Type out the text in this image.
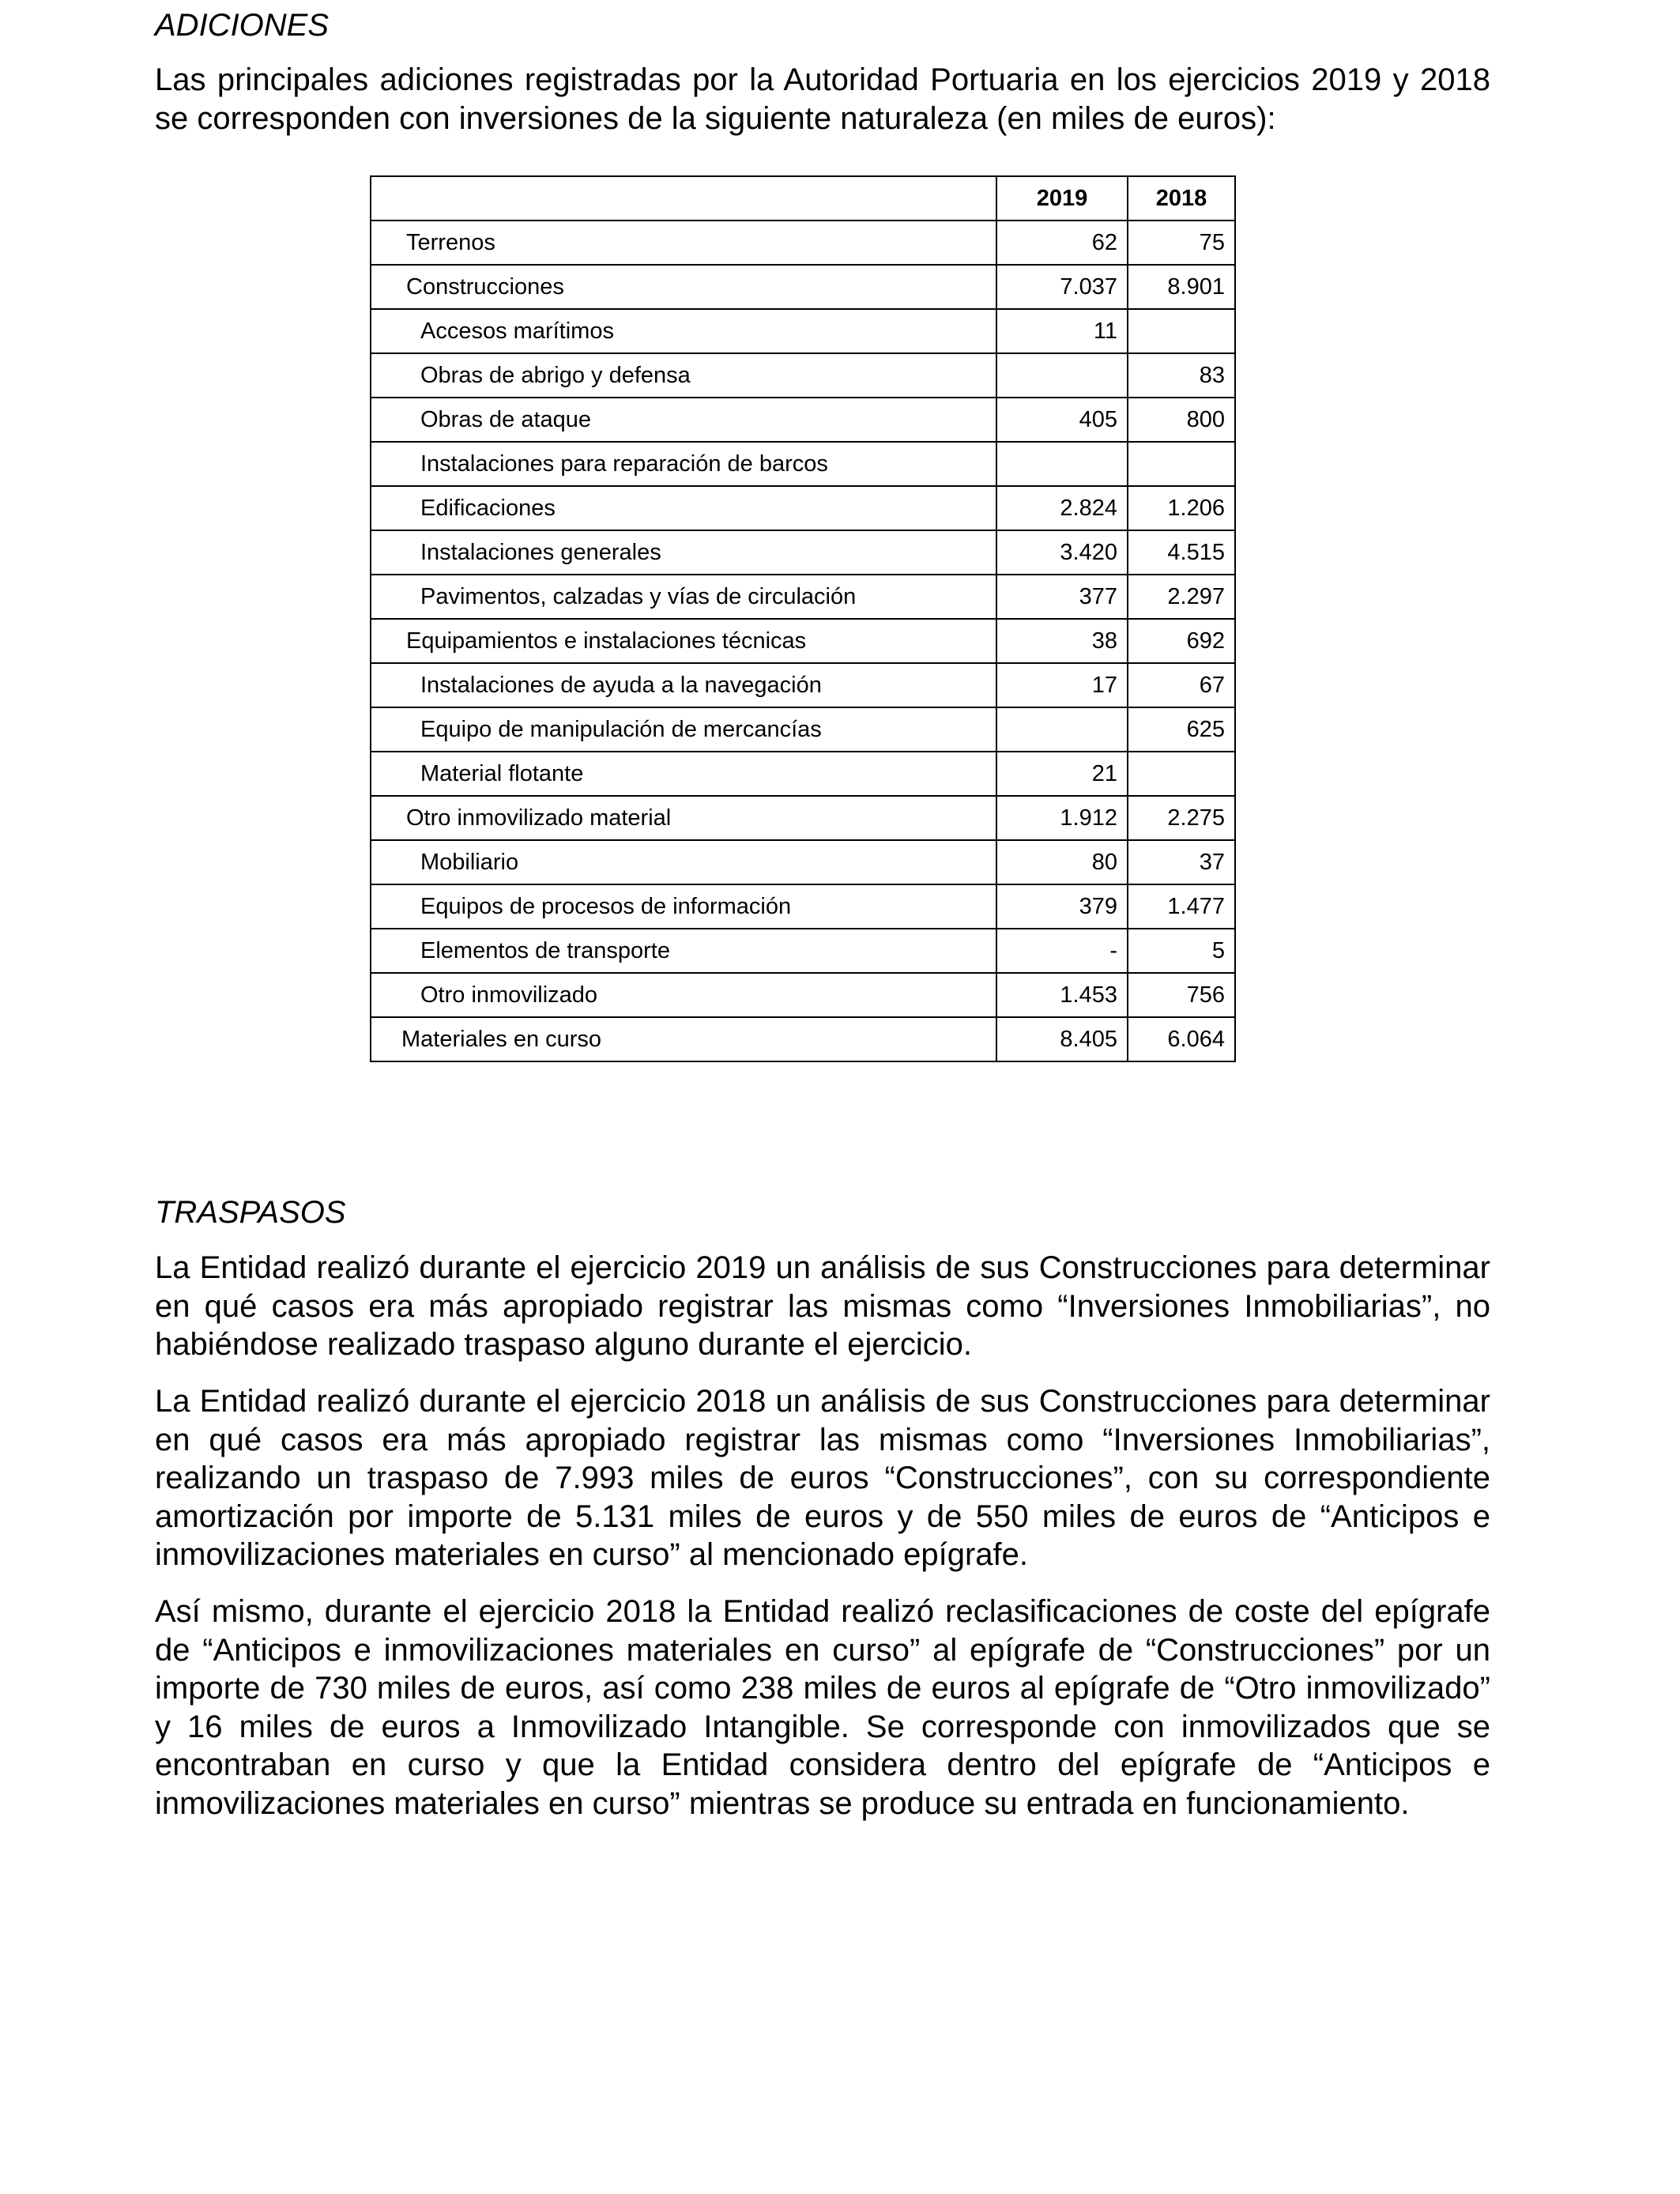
ADICIONES

Las principales adiciones registradas por la Autoridad Portuaria en los ejercicios 2019 y 2018 se corresponden con inversiones de la siguiente naturaleza (en miles de euros):

	2019	2018
Terrenos	62	75
Construcciones	7.037	8.901
Accesos marítimos	11	
Obras de abrigo y defensa		83
Obras de ataque	405	800
Instalaciones para reparación de barcos		
Edificaciones	2.824	1.206
Instalaciones generales	3.420	4.515
Pavimentos, calzadas y vías de circulación	377	2.297
Equipamientos e instalaciones técnicas	38	692
Instalaciones de ayuda a la navegación	17	67
Equipo de manipulación de mercancías		625
Material flotante	21	
Otro inmovilizado material	1.912	2.275
Mobiliario	80	37
Equipos de procesos de información	379	1.477
Elementos de transporte	-	5
Otro inmovilizado	1.453	756
Materiales en curso	8.405	6.064
TRASPASOS

La Entidad realizó durante el ejercicio 2019 un análisis de sus Construcciones para determinar en qué casos era más apropiado registrar las mismas como “Inversiones Inmobiliarias”, no habiéndose realizado traspaso alguno durante el ejercicio.

La Entidad realizó durante el ejercicio 2018 un análisis de sus Construcciones para determinar en qué casos era más apropiado registrar las mismas como “Inversiones Inmobiliarias”, realizando un traspaso de 7.993 miles de euros “Construcciones”, con su correspondiente amortización por importe de 5.131 miles de euros y de 550 miles de euros de “Anticipos e inmovilizaciones materiales en curso” al mencionado epígrafe.

Así mismo, durante el ejercicio 2018 la Entidad realizó reclasificaciones de coste del epígrafe de “Anticipos e inmovilizaciones materiales en curso” al epígrafe de “Construcciones” por un importe de 730 miles de euros, así como 238 miles de euros al epígrafe de “Otro inmovilizado” y 16 miles de euros a Inmovilizado Intangible. Se corresponde con inmovilizados que se encontraban en curso y que la Entidad considera dentro del epígrafe de “Anticipos e inmovilizaciones materiales en curso” mientras se produce su entrada en funcionamiento.
